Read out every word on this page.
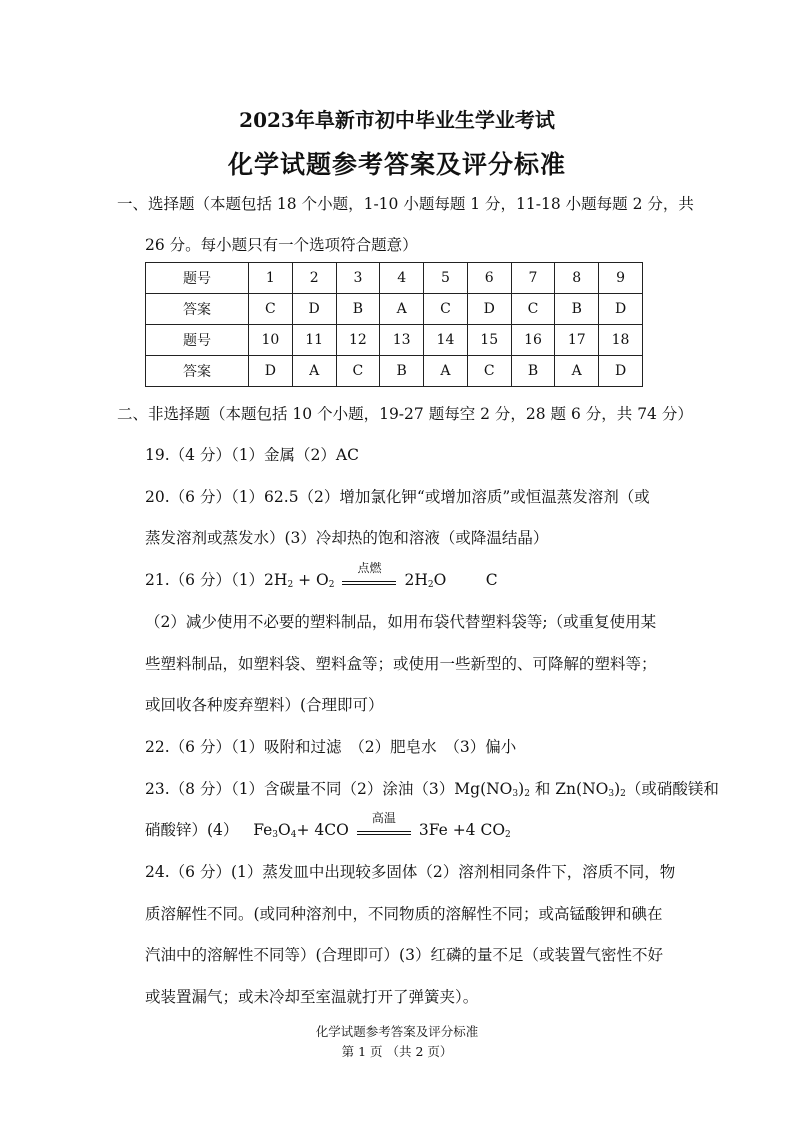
2023年阜新市初中毕业生学业考试
化学试题参考答案及评分标准
一、选择题（本题包括 18 个小题，1-10 小题每题 1 分，11-18 小题每题 2 分，共
26 分。每小题只有一个选项符合题意）
题号	1	2	3	4	5	6	7	8	9
答案	C	D	B	A	C	D	C	B	D
题号	10	11	12	13	14	15	16	17	18
答案	D	A	C	B	A	C	B	A	D
二、非选择题（本题包括 10 个小题，19-27 题每空 2 分，28 题 6 分，共 74 分）
19.（4 分）（1）金属（2）AC
20.（6 分）（1）62.5（2）增加氯化钾“或增加溶质”或恒温蒸发溶剂（或
蒸发溶剂或蒸发水）(3）冷却热的饱和溶液（或降温结晶）
21.（6 分）$(1)2H_2 + O_2$
点燃
$2H_2O$        C
（2）减少使用不必要的塑料制品，如用布袋代替塑料袋等;（或重复使用某
些塑料制品，如塑料袋、塑料盒等；或使用一些新型的、可降解的塑料等；
或回收各种废弃塑料）(合理即可）
22.（6 分）（1）吸附和过滤　（2）肥皂水　（3）偏小
23.（8 分）（1）含碳量不同（2）涂油$(3)Mg(NO_3)_2$ 和 $Zn(NO_3)_2$（或硝酸镁和
硝酸锌）(4）   $Fe_3O_4+ 4CO$
高温
3Fe +4 $CO_2$
24.（6 分）(1）蒸发皿中出现较多固体（2）溶剂相同条件下，溶质不同，物
质溶解性不同。(或同种溶剂中，不同物质的溶解性不同；或高锰酸钾和碘在
汽油中的溶解性不同等）(合理即可）(3）红磷的量不足（或装置气密性不好
或装置漏气；或未冷却至室温就打开了弹簧夹）。
化学试题参考答案及评分标准
第 1 页 （共 2 页）
